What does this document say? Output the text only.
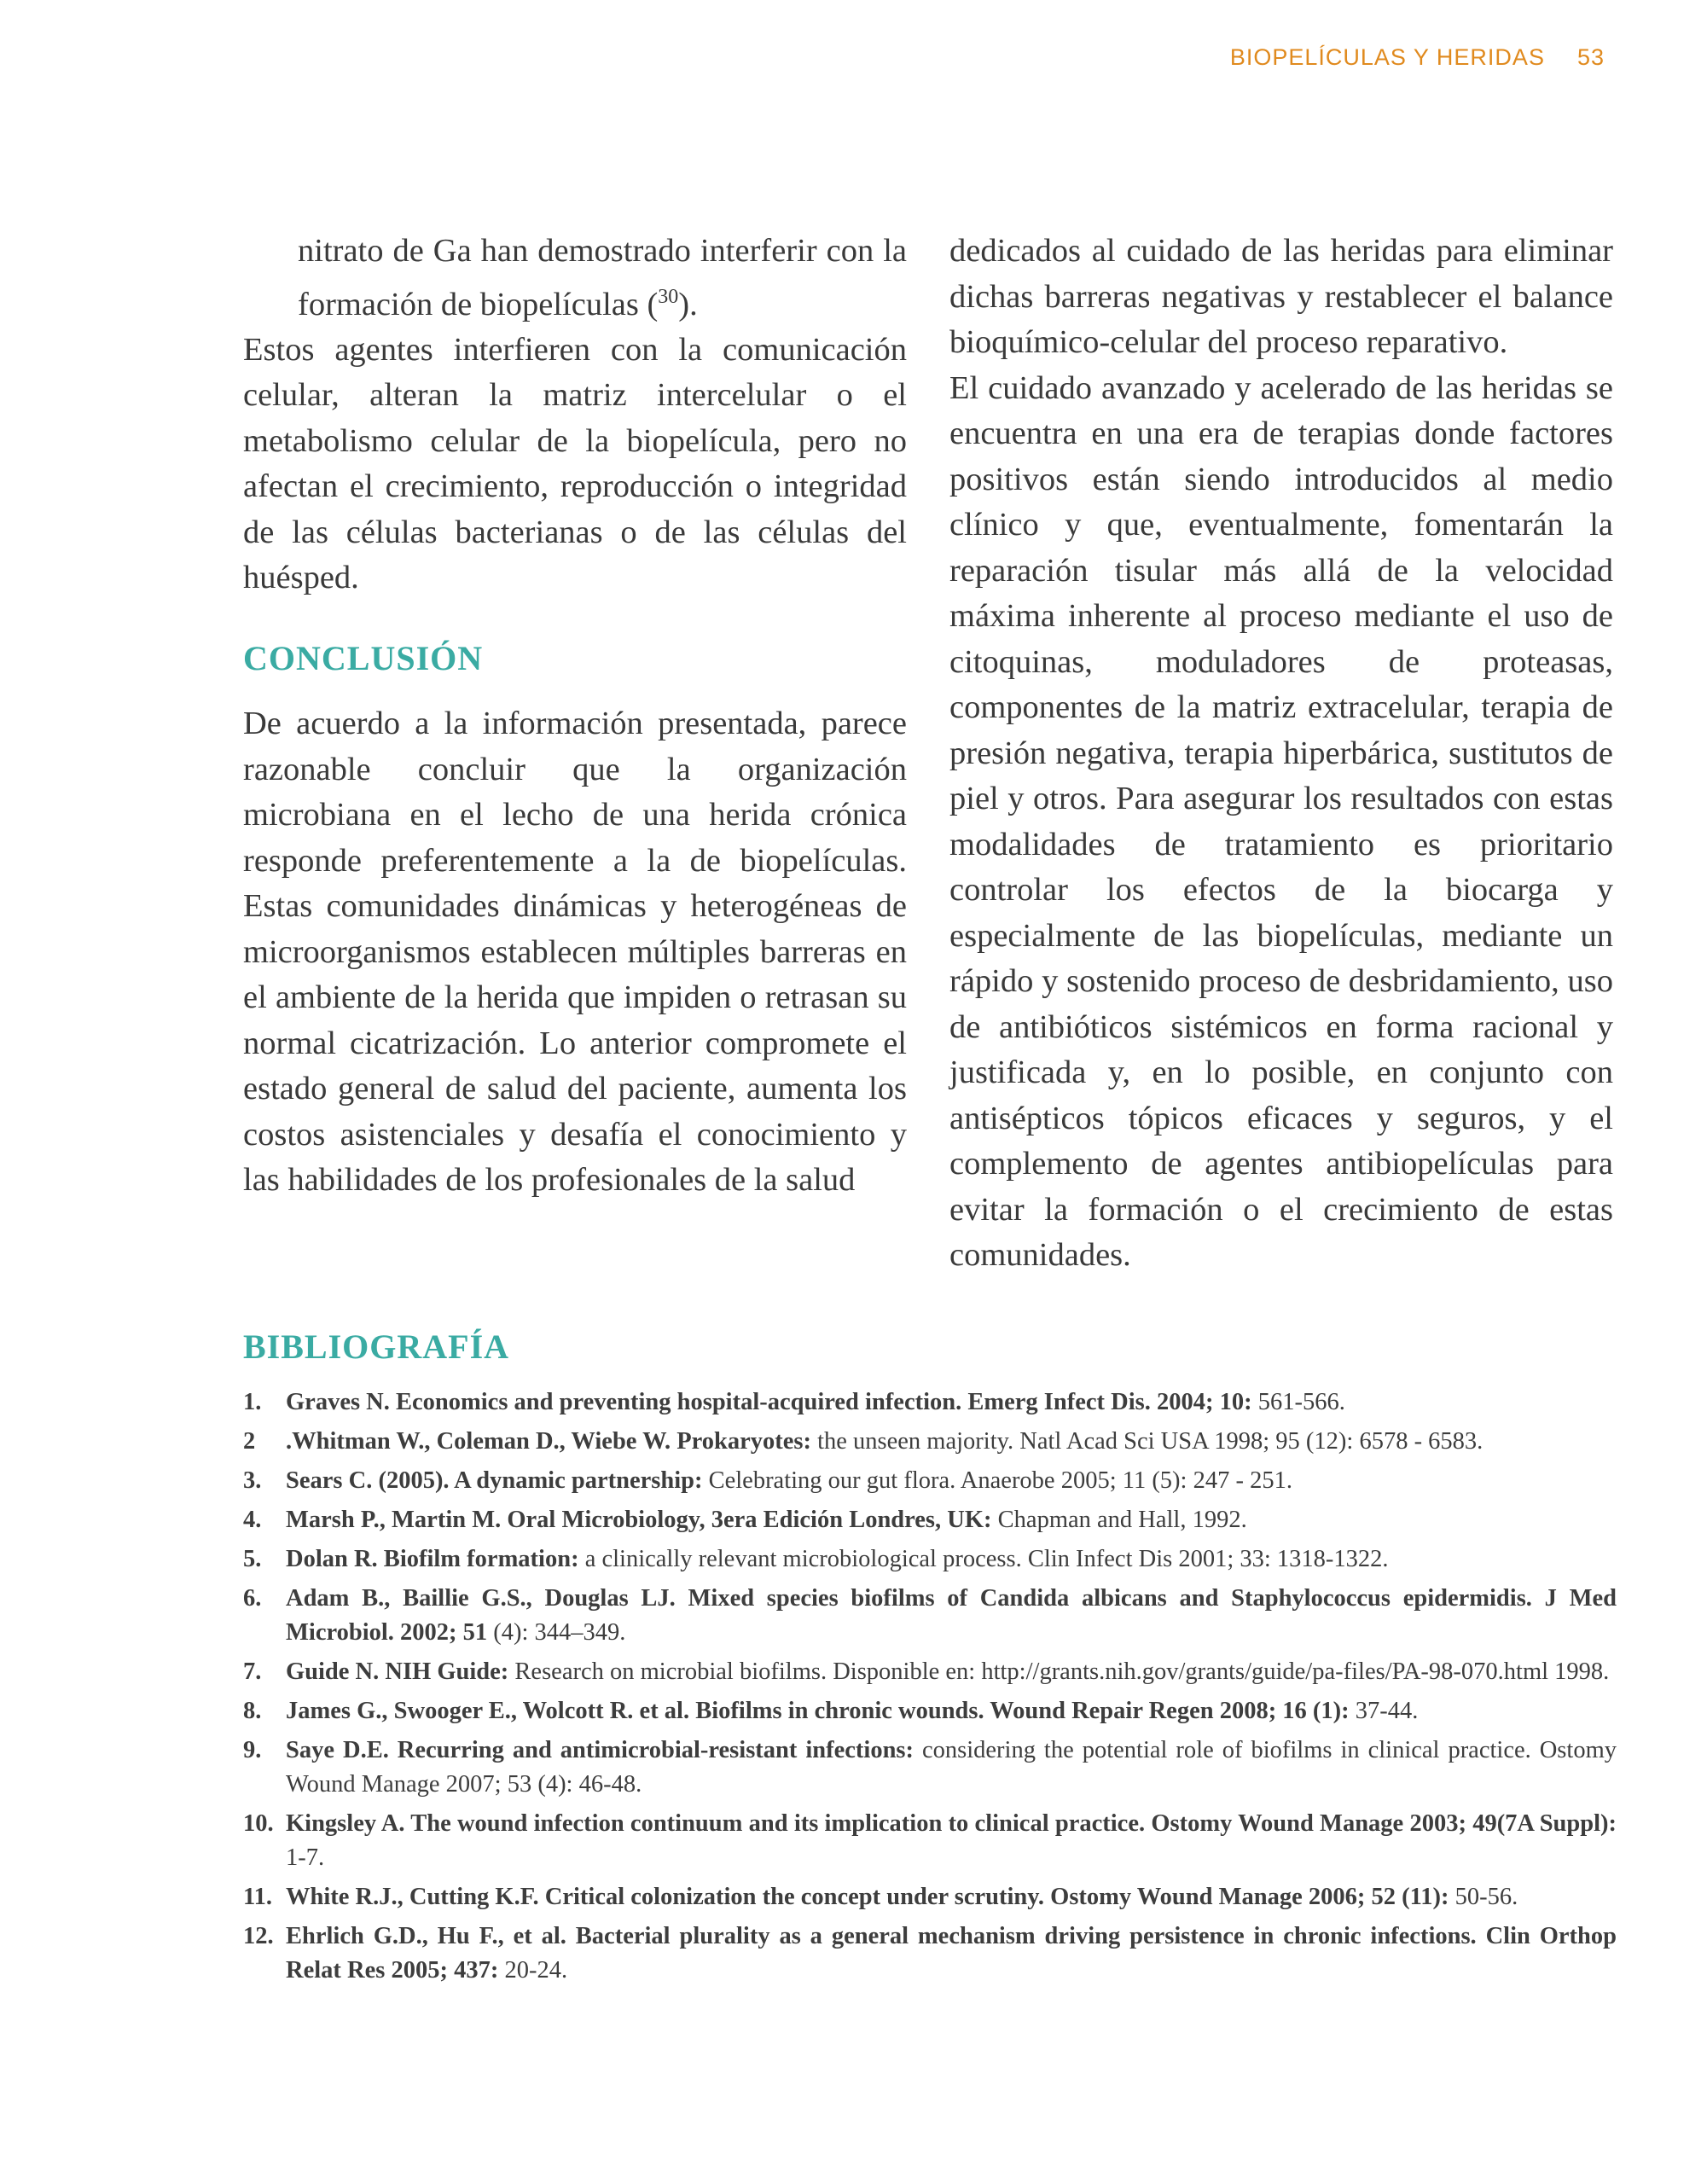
BIOPELÍCULAS Y HERIDAS 53

nitrato de Ga han demostrado interferir con la formación de biopelículas ($^{30}$).

Estos agentes interfieren con la comunicación celular, alteran la matriz intercelular o el metabolismo celular de la biopelícula, pero no afectan el crecimiento, reproducción o integridad de las células bacterianas o de las células del huésped.

CONCLUSIÓN

De acuerdo a la información presentada, parece razonable concluir que la organización microbiana en el lecho de una herida crónica responde preferentemente a la de biopelículas. Estas comunidades dinámicas y heterogéneas de microorganismos establecen múltiples barreras en el ambiente de la herida que impiden o retrasan su normal cicatrización. Lo anterior compromete el estado general de salud del paciente, aumenta los costos asistenciales y desafía el conocimiento y las habilidades de los profesionales de la salud

dedicados al cuidado de las heridas para eliminar dichas barreras negativas y restablecer el balance bioquímico-celular del proceso reparativo.

El cuidado avanzado y acelerado de las heridas se encuentra en una era de terapias donde factores positivos están siendo introducidos al medio clínico y que, eventualmente, fomentarán la reparación tisular más allá de la velocidad máxima inherente al proceso mediante el uso de citoquinas, moduladores de proteasas, componentes de la matriz extracelular, terapia de presión negativa, terapia hiperbárica, sustitutos de piel y otros. Para asegurar los resultados con estas modalidades de tratamiento es prioritario controlar los efectos de la biocarga y especialmente de las biopelículas, mediante un rápido y sostenido proceso de desbridamiento, uso de antibióticos sistémicos en forma racional y justificada y, en lo posible, en conjunto con antisépticos tópicos eficaces y seguros, y el complemento de agentes antibiopelículas para evitar la formación o el crecimiento de estas comunidades.

BIBLIOGRAFÍA
1. Graves N. Economics and preventing hospital-acquired infection. Emerg Infect Dis. 2004; 10: 561-566.
2 .Whitman W., Coleman D., Wiebe W. Prokaryotes: the unseen majority. Natl Acad Sci USA 1998; 95 (12): 6578 - 6583.
3. Sears C. (2005). A dynamic partnership: Celebrating our gut flora. Anaerobe 2005; 11 (5): 247 - 251.
4. Marsh P., Martin M. Oral Microbiology, 3era Edición Londres, UK: Chapman and Hall, 1992.
5. Dolan R. Biofilm formation: a clinically relevant microbiological process. Clin Infect Dis 2001; 33: 1318-1322.
6. Adam B., Baillie G.S., Douglas LJ. Mixed species biofilms of Candida albicans and Staphylococcus epidermidis. J Med Microbiol. 2002; 51 (4): 344–349.
7. Guide N. NIH Guide: Research on microbial biofilms. Disponible en: http://grants.nih.gov/grants/guide/pa-files/PA-98-070.html 1998.
8. James G., Swooger E., Wolcott R. et al. Biofilms in chronic wounds. Wound Repair Regen 2008; 16 (1): 37-44.
9. Saye D.E. Recurring and antimicrobial-resistant infections: considering the potential role of biofilms in clinical practice. Ostomy Wound Manage 2007; 53 (4): 46-48.
10. Kingsley A. The wound infection continuum and its implication to clinical practice. Ostomy Wound Manage 2003; 49(7A Suppl): 1-7.
11. White R.J., Cutting K.F. Critical colonization the concept under scrutiny. Ostomy Wound Manage 2006; 52 (11): 50-56.
12. Ehrlich G.D., Hu F., et al. Bacterial plurality as a general mechanism driving persistence in chronic infections. Clin Orthop Relat Res 2005; 437: 20-24.
